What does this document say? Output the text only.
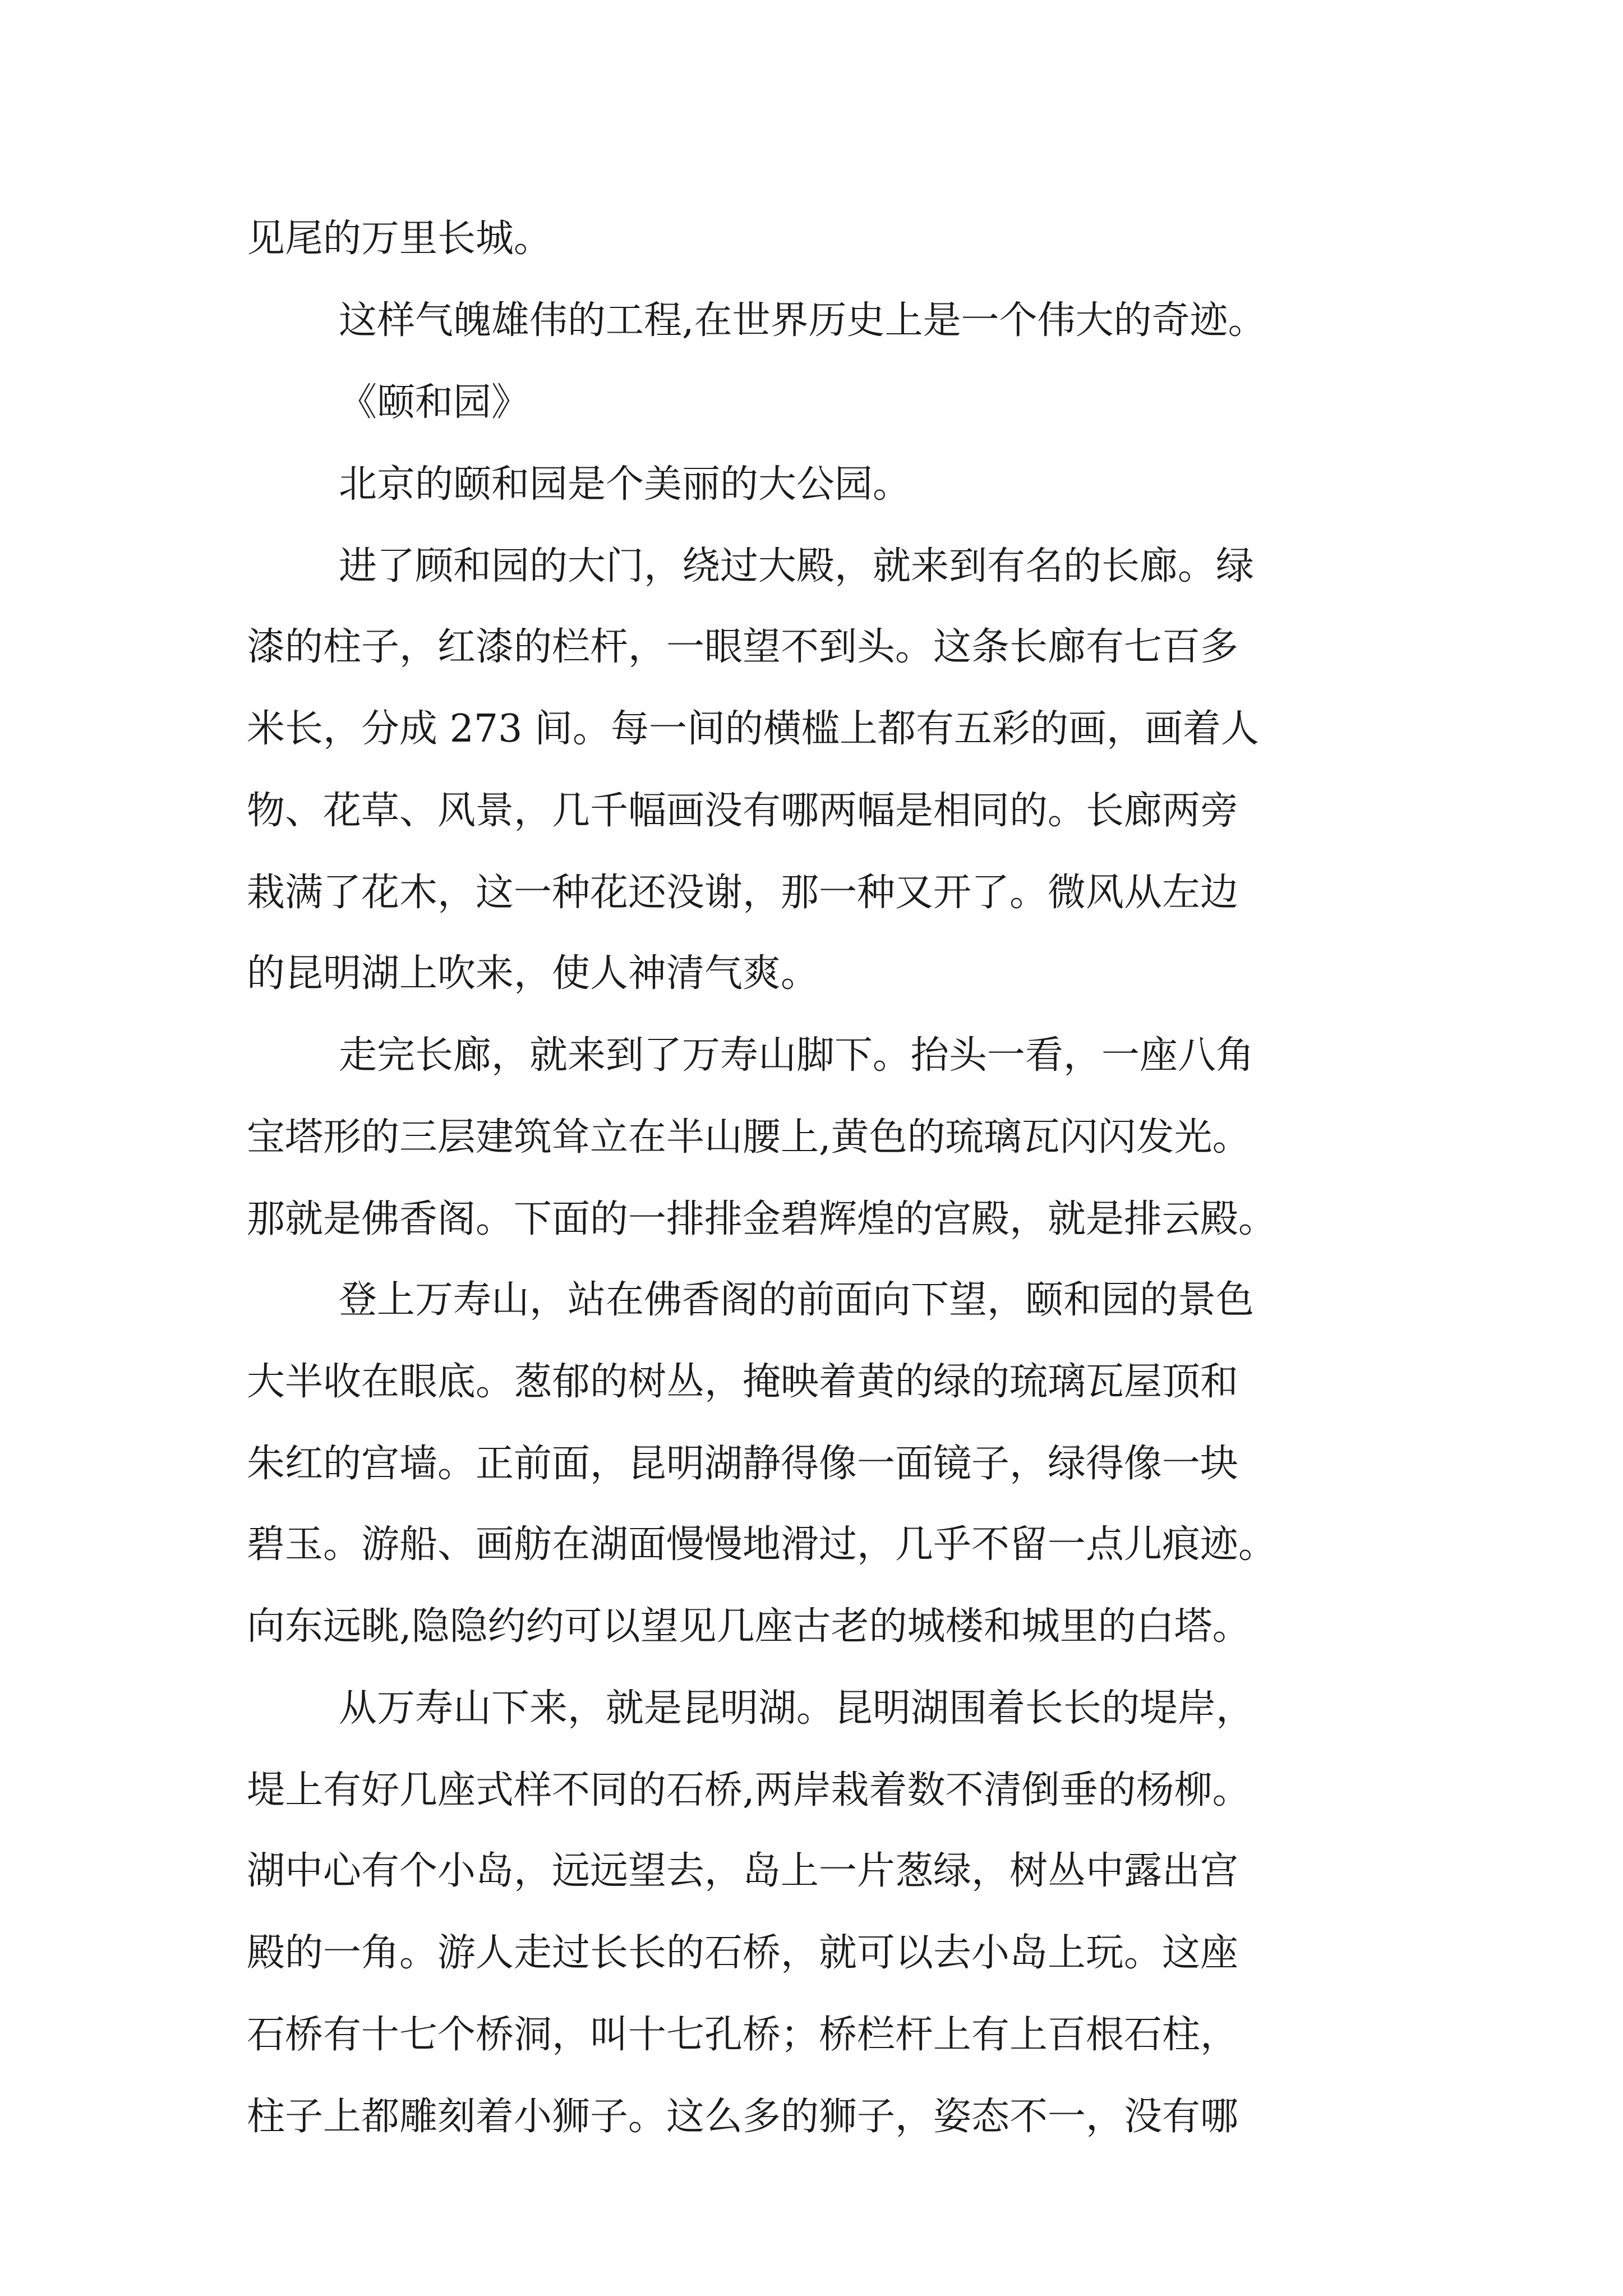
见尾的万里长城。

这样气魄雄伟的工程,在世界历史上是一个伟大的奇迹。

《颐和园》

北京的颐和园是个美丽的大公园。

进了顾和园的大门，绕过大殿，就来到有名的长廊。绿

漆的柱子，红漆的栏杆，一眼望不到头。这条长廊有七百多

米长，分成 273 间。每一间的横槛上都有五彩的画，画着人

物、花草、风景，几千幅画没有哪两幅是相同的。长廊两旁

栽满了花木，这一种花还没谢，那一种又开了。微风从左边

的昆明湖上吹来，使人神清气爽。

走完长廊，就来到了万寿山脚下。抬头一看，一座八角

宝塔形的三层建筑耸立在半山腰上,黄色的琉璃瓦闪闪发光。

那就是佛香阁。下面的一排排金碧辉煌的宫殿，就是排云殿。

登上万寿山，站在佛香阁的前面向下望，颐和园的景色

大半收在眼底。葱郁的树丛，掩映着黄的绿的琉璃瓦屋顶和

朱红的宫墙。正前面，昆明湖静得像一面镜子，绿得像一块

碧玉。游船、画舫在湖面慢慢地滑过，几乎不留一点儿痕迹。

向东远眺,隐隐约约可以望见几座古老的城楼和城里的白塔。

从万寿山下来，就是昆明湖。昆明湖围着长长的堤岸，

堤上有好几座式样不同的石桥,两岸栽着数不清倒垂的杨柳。

湖中心有个小岛，远远望去，岛上一片葱绿，树丛中露出宫

殿的一角。游人走过长长的石桥，就可以去小岛上玩。这座

石桥有十七个桥洞，叫十七孔桥；桥栏杆上有上百根石柱，

柱子上都雕刻着小狮子。这么多的狮子，姿态不一，没有哪
